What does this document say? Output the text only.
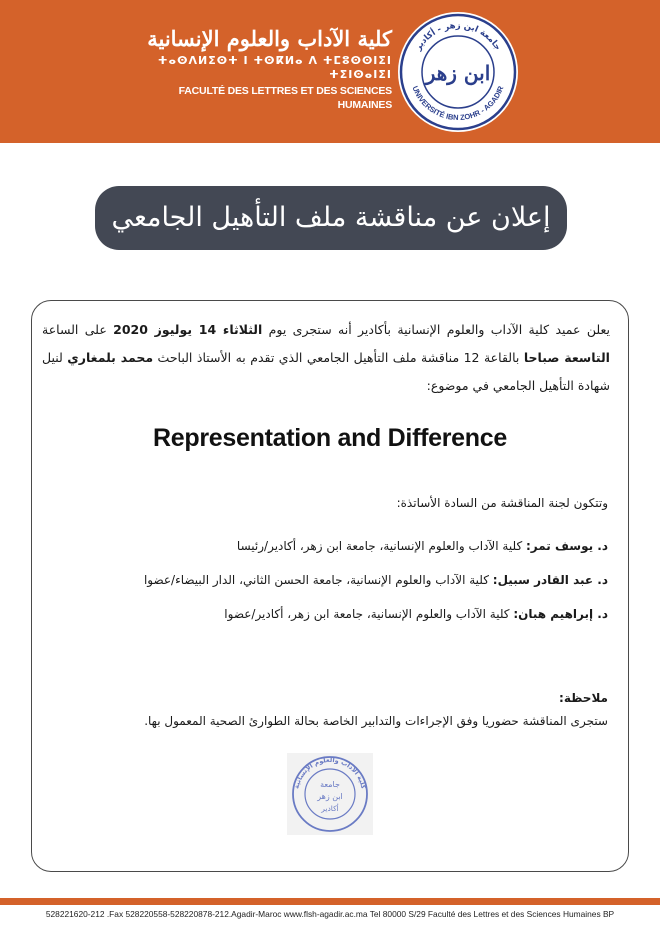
كلية الآداب والعلوم الإنسانية
ⵜⴰⵙⴷⵍⵉⵙⵜ ⵏ ⵜⵙⴽⵍⴰ ⴷ ⵜⵎⵓⵙⵙⵏⵉⵏ ⵜⵉⵏⵙⴰⵏⵉⵏ
FACULTÉ DES LETTRES ET DES SCIENCES HUMAINES
جامعة ابن زهر - أكادير
UNIVERSITÉ IBN ZOHR - AGADIR
ابن زهر
إعلان عن مناقشة ملف التأهيل الجامعي
يعلن عميد كلية الآداب والعلوم الإنسانية بأكادير أنه ستجرى يوم الثلاثاء 14 يوليوز 2020 على الساعة التاسعة صباحا بالقاعة 12 مناقشة ملف التأهيل الجامعي الذي تقدم به الأستاذ الباحث محمد بلمغاري لنيل شهادة التأهيل الجامعي في موضوع:
Representation and Difference
وتتكون لجنة المناقشة من السادة الأساتذة:
د. يوسف تمر: كلية الآداب والعلوم الإنسانية، جامعة ابن زهر، أكادير/رئيسا
د. عبد القادر سبيل: كلية الآداب والعلوم الإنسانية، جامعة الحسن الثاني، الدار البيضاء/عضوا
د. إبراهيم هبان: كلية الآداب والعلوم الإنسانية، جامعة ابن زهر، أكادير/عضوا
ملاحظة:
ستجرى المناقشة حضوريا وفق الإجراءات والتدابير الخاصة بحالة الطوارئ الصحية المعمول بها.
كلية الآداب والعلوم الإنسانية
جامعة
ابن زهر
أكادير
528221620-212 .Fax 528220558-528220878-212.Agadir-Maroc www.flsh-agadir.ac.ma Tel 80000 S/29 Faculté des Lettres et des Sciences Humaines BP
